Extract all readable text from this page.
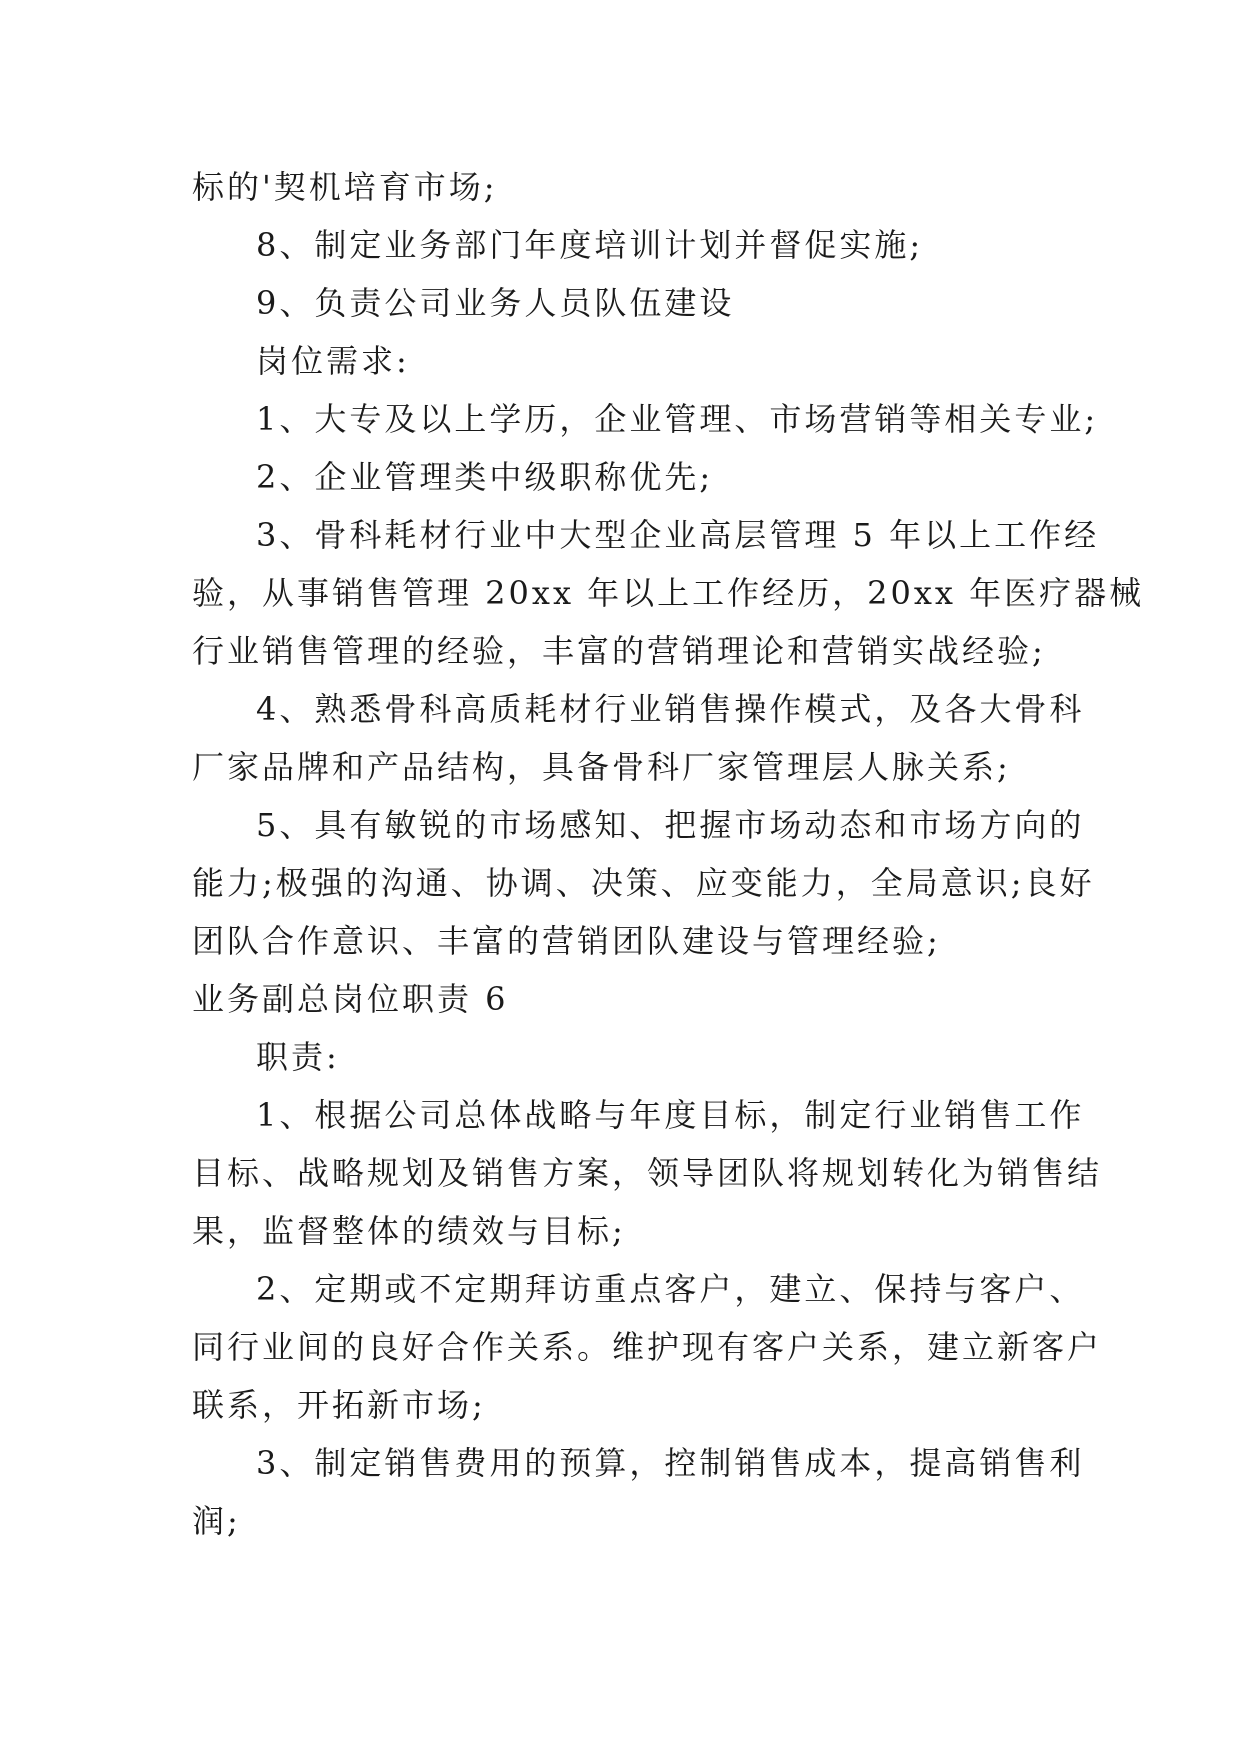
标的'契机培育市场;
8、制定业务部门年度培训计划并督促实施;
9、负责公司业务人员队伍建设
岗位需求:
1、大专及以上学历，企业管理、市场营销等相关专业;
2、企业管理类中级职称优先;
3、骨科耗材行业中大型企业高层管理 5 年以上工作经
验，从事销售管理 20xx 年以上工作经历，20xx 年医疗器械
行业销售管理的经验，丰富的营销理论和营销实战经验;
4、熟悉骨科高质耗材行业销售操作模式，及各大骨科
厂家品牌和产品结构，具备骨科厂家管理层人脉关系;
5、具有敏锐的市场感知、把握市场动态和市场方向的
能力;极强的沟通、协调、决策、应变能力，全局意识;良好
团队合作意识、丰富的营销团队建设与管理经验;
业务副总岗位职责 6
职责:
1、根据公司总体战略与年度目标，制定行业销售工作
目标、战略规划及销售方案，领导团队将规划转化为销售结
果，监督整体的绩效与目标;
2、定期或不定期拜访重点客户，建立、保持与客户、
同行业间的良好合作关系。维护现有客户关系，建立新客户
联系，开拓新市场;
3、制定销售费用的预算，控制销售成本，提高销售利
润;
